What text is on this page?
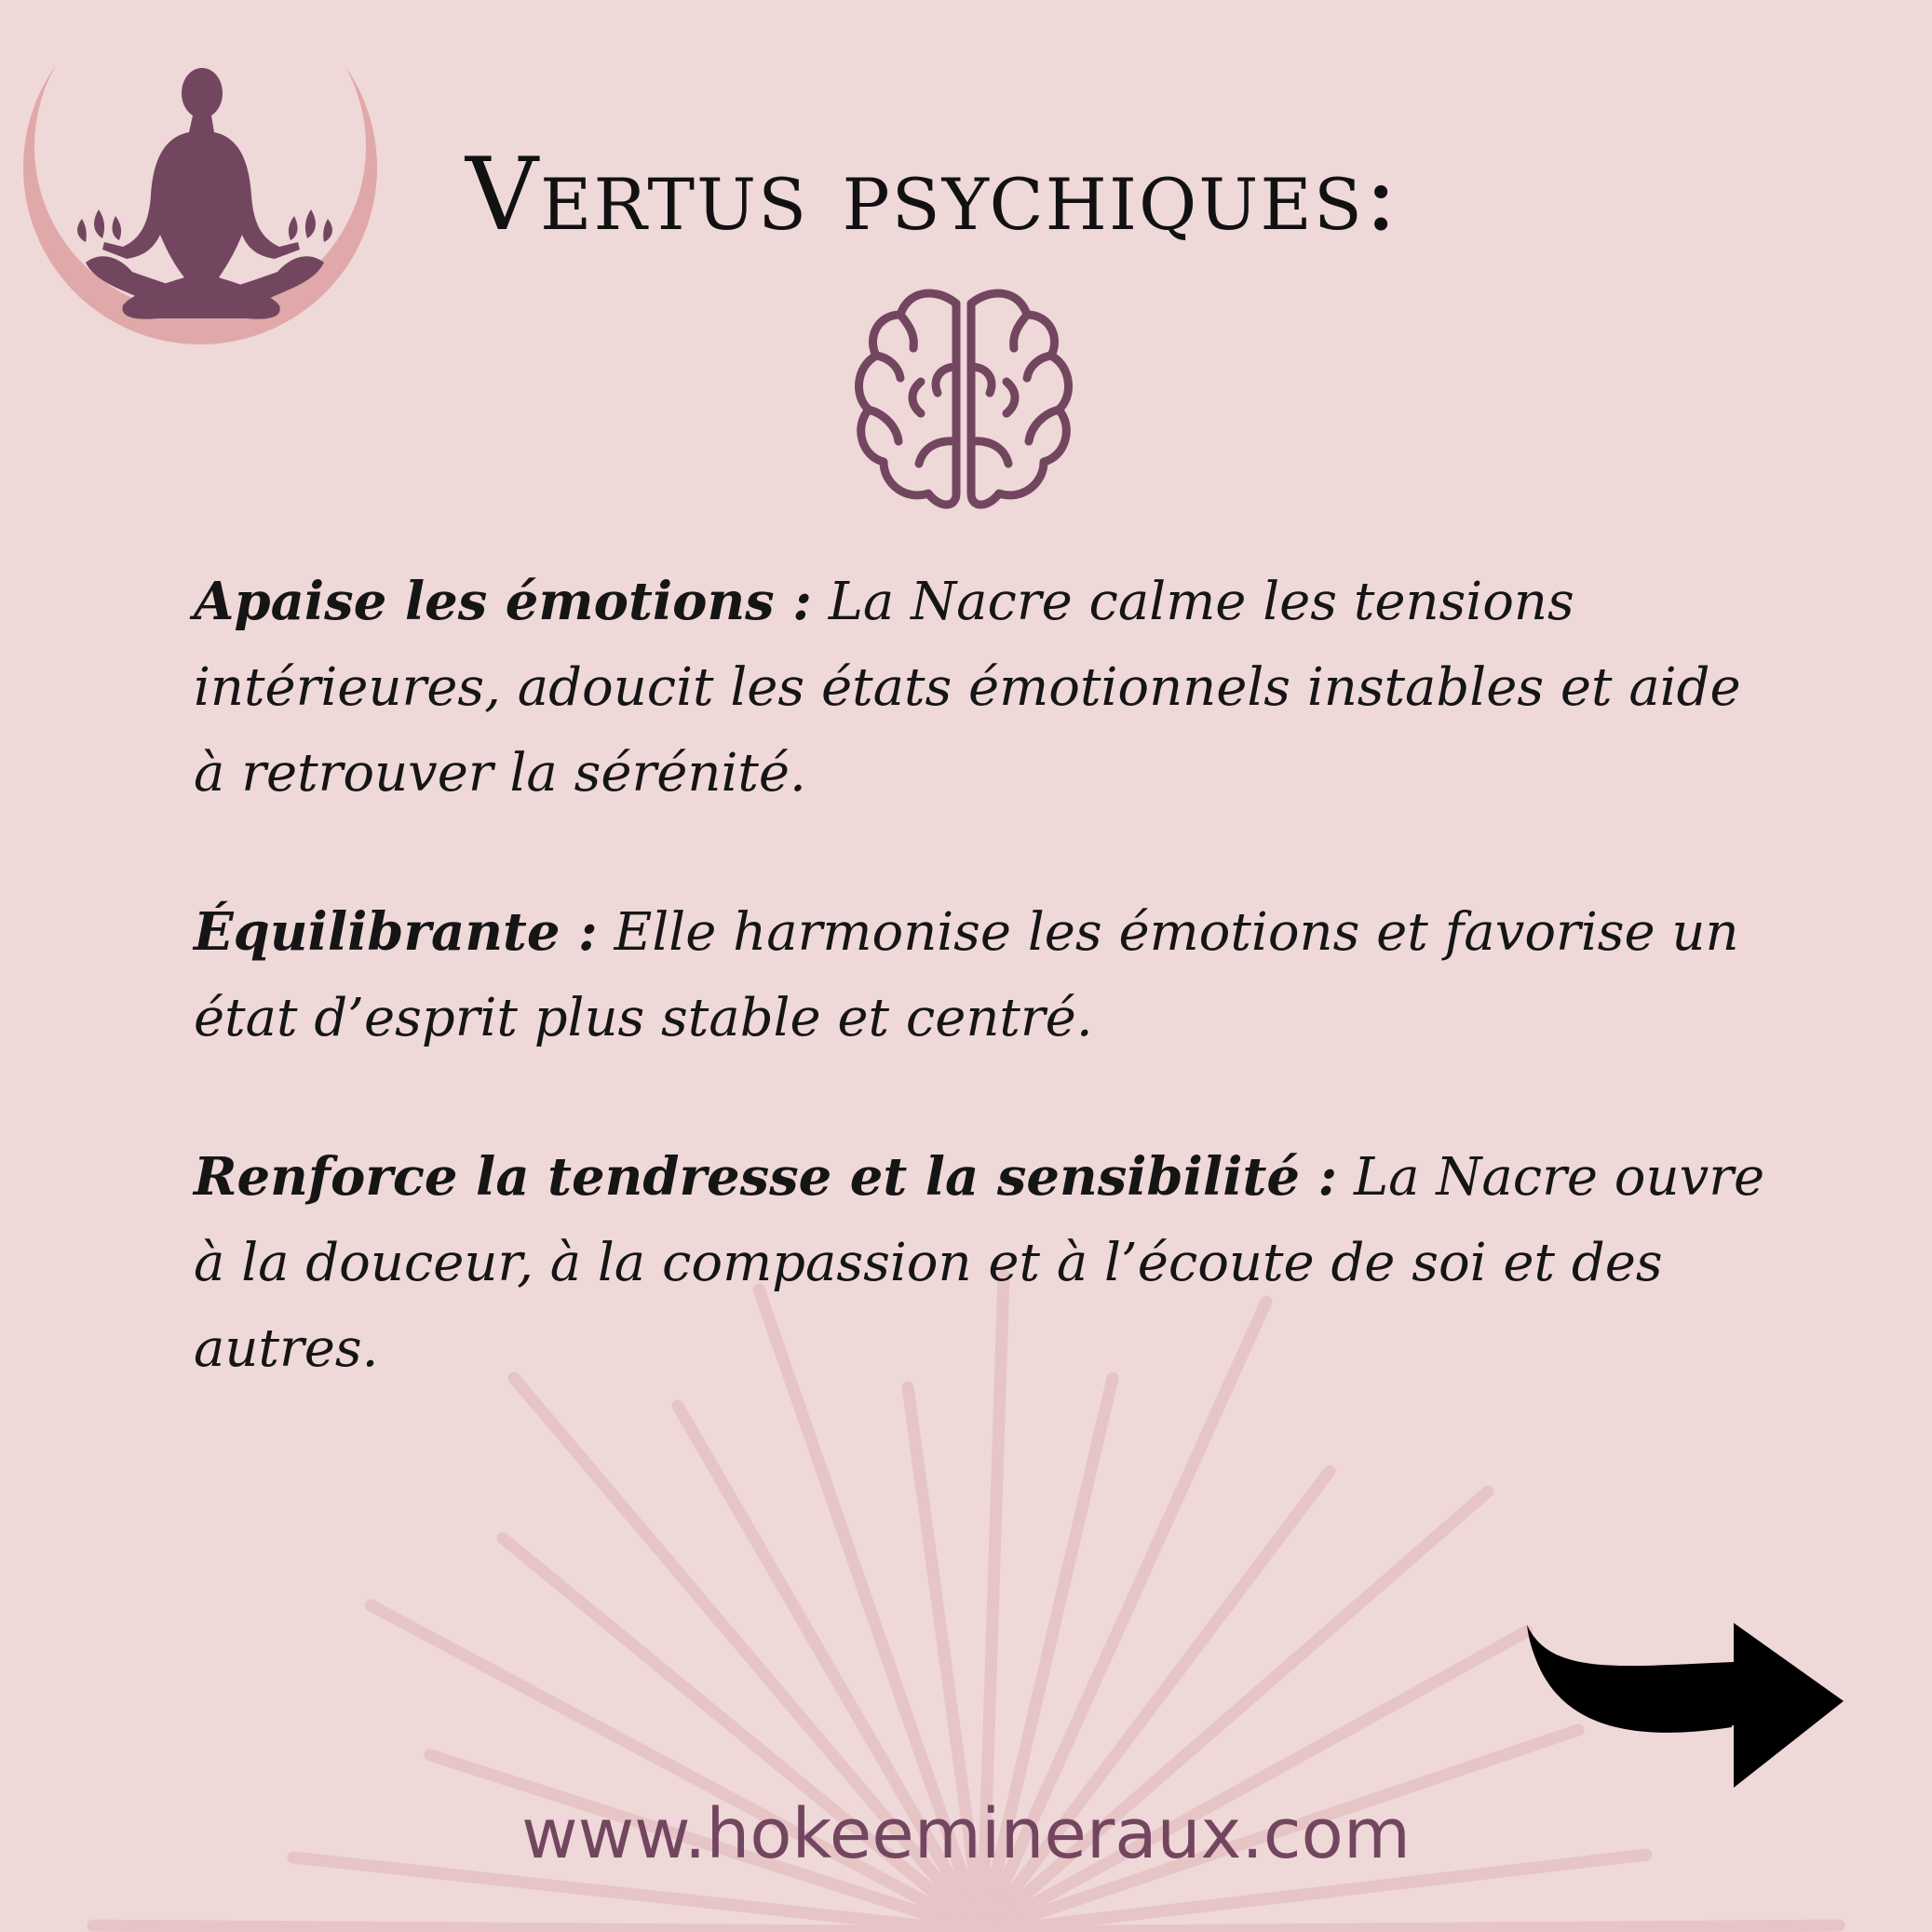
Vertus psychiques:

Apaise les émotions : La Nacre calme les tensions intérieures, adoucit les états émotionnels instables et aide à retrouver la sérénité.

Équilibrante : Elle harmonise les émotions et favorise un état d’esprit plus stable et centré.

Renforce la tendresse et la sensibilité : La Nacre ouvre à la douceur, à la compassion et à l’écoute de soi et des autres.

www.hokeemineraux.com
